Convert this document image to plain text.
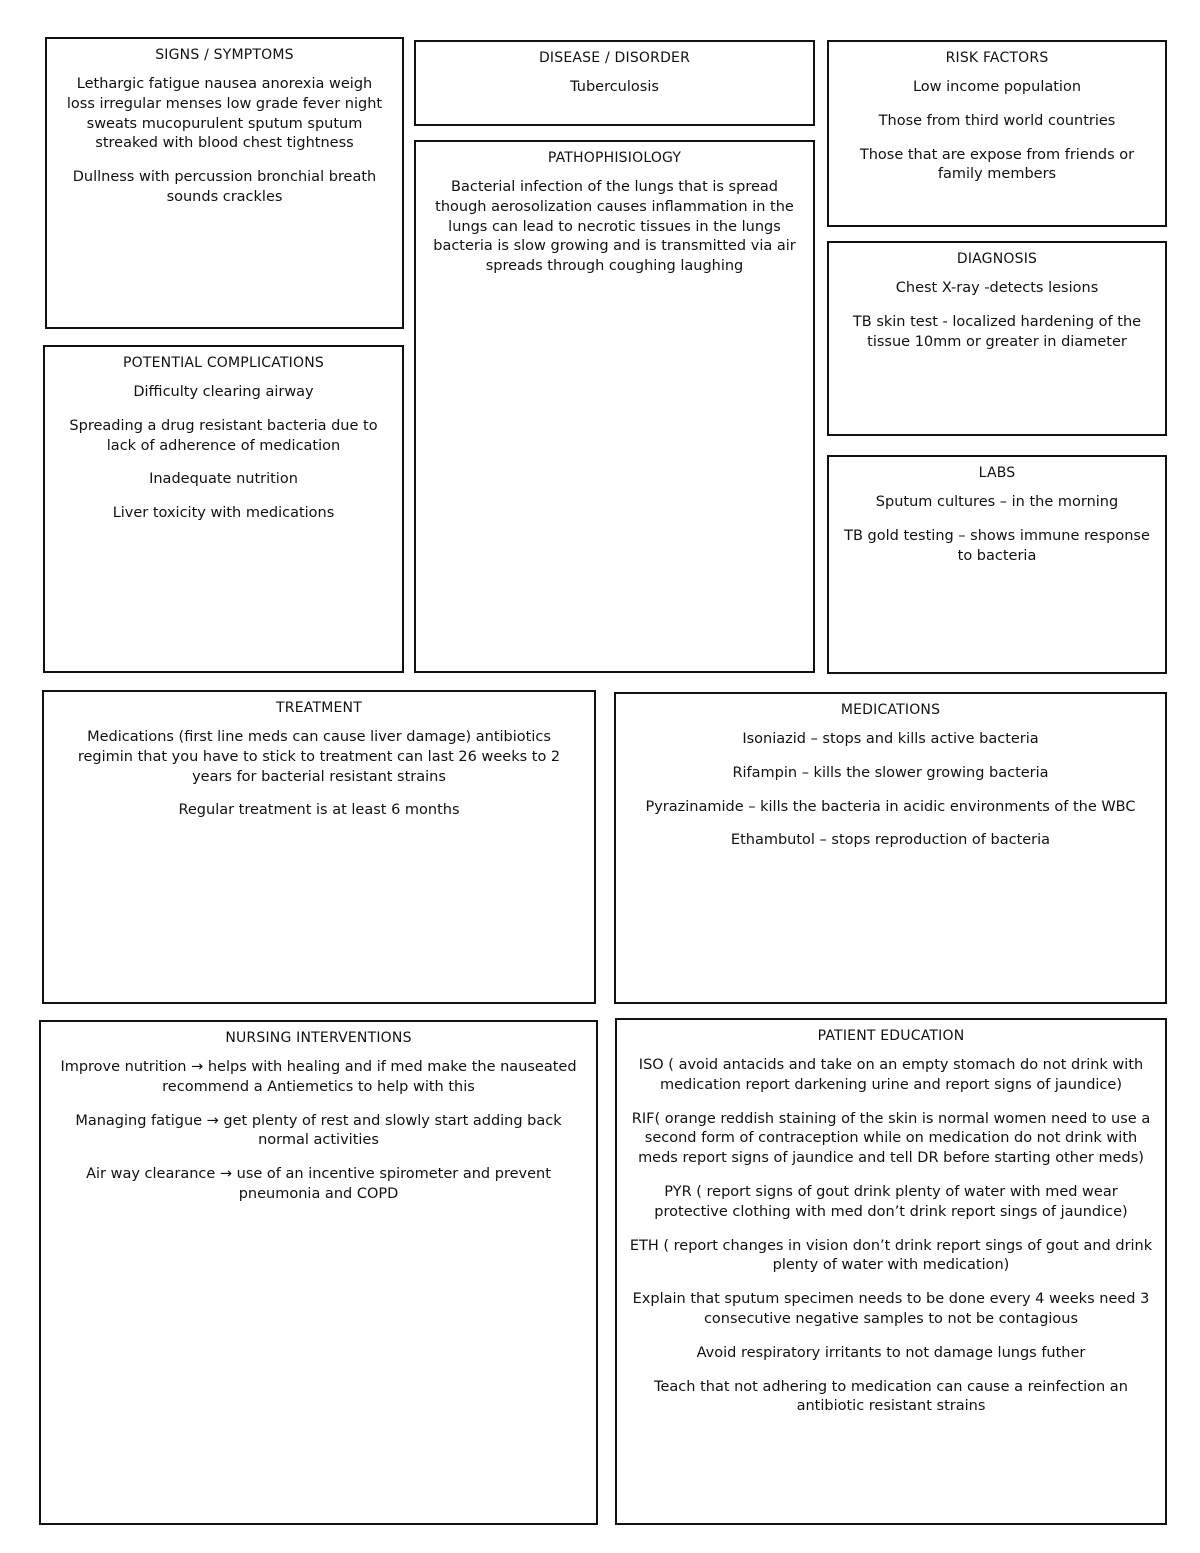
SIGNS / SYMPTOMS

Lethargic fatigue nausea anorexia weigh loss irregular menses low grade fever night sweats mucopurulent sputum sputum streaked with blood chest tightness

Dullness with percussion bronchial breath sounds crackles

DISEASE / DISORDER

Tuberculosis

RISK FACTORS

Low income population

Those from third world countries

Those that are expose from friends or family members

PATHOPHISIOLOGY

Bacterial infection of the lungs that is spread though aerosolization causes inflammation in the lungs can lead to necrotic tissues in the lungs bacteria is slow growing and is transmitted via air spreads through coughing laughing

POTENTIAL COMPLICATIONS

Difficulty clearing airway

Spreading a drug resistant bacteria due to lack of adherence of medication

Inadequate nutrition

Liver toxicity with medications

DIAGNOSIS

Chest X-ray -detects lesions

TB skin test - localized hardening of the tissue 10mm or greater in diameter

LABS

Sputum cultures – in the morning

TB gold testing – shows immune response to bacteria

TREATMENT

Medications (first line meds can cause liver damage) antibiotics regimin that you have to stick to treatment can last 26 weeks to 2 years for bacterial resistant strains

Regular treatment is at least 6 months

MEDICATIONS

Isoniazid – stops and kills active bacteria

Rifampin – kills the slower growing bacteria

Pyrazinamide – kills the bacteria in acidic environments of the WBC

Ethambutol – stops reproduction of bacteria

NURSING INTERVENTIONS

Improve nutrition → helps with healing and if med make the nauseated recommend a Antiemetics to help with this

Managing fatigue → get plenty of rest and slowly start adding back normal activities

Air way clearance → use of an incentive spirometer and prevent pneumonia and COPD

PATIENT EDUCATION

ISO ( avoid antacids and take on an empty stomach do not drink with medication report darkening urine and report signs of jaundice)

RIF( orange reddish staining of the skin is normal women need to use a second form of contraception while on medication do not drink with meds report signs of jaundice and tell DR before starting other meds)

PYR ( report signs of gout drink plenty of water with med wear protective clothing with med don’t drink report sings of jaundice)

ETH ( report changes in vision don’t drink report sings of gout and drink plenty of water with medication)

Explain that sputum specimen needs to be done every 4 weeks need 3 consecutive negative samples to not be contagious

Avoid respiratory irritants to not damage lungs futher

Teach that not adhering to medication can cause a reinfection an antibiotic resistant strains
